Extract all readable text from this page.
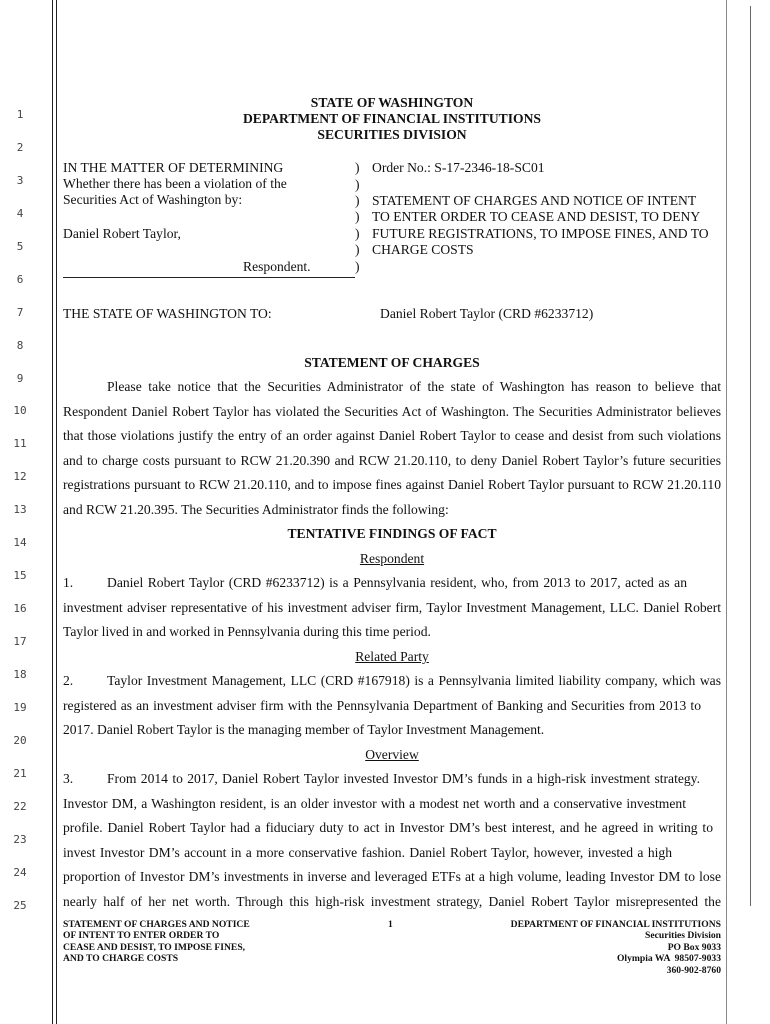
1
2
3
4
5
6
7
8
9
10
11
12
13
14
15
16
17
18
19
20
21
22
23
24
25
STATE OF WASHINGTON
DEPARTMENT OF FINANCIAL INSTITUTIONS
SECURITIES DIVISION
IN THE MATTER OF DETERMINING
Whether there has been a violation of the
Securities Act of Washington by:
Daniel Robert Taylor,
Respondent.
)
)
)
)
)
)
)
Order No.: S-17-2346-18-SC01
STATEMENT OF CHARGES AND NOTICE OF INTENT
TO ENTER ORDER TO CEASE AND DESIST, TO DENY
FUTURE REGISTRATIONS, TO IMPOSE FINES, AND TO
CHARGE COSTS
THE STATE OF WASHINGTON TO:	Daniel Robert Taylor (CRD #6233712)
STATEMENT OF CHARGES
Please take notice that the Securities Administrator of the state of Washington has reason to believe that
Respondent Daniel Robert Taylor has violated the Securities Act of Washington. The Securities Administrator believes
that those violations justify the entry of an order against Daniel Robert Taylor to cease and desist from such violations
and to charge costs pursuant to RCW 21.20.390 and RCW 21.20.110, to deny Daniel Robert Taylor’s future securities
registrations pursuant to RCW 21.20.110, and to impose fines against Daniel Robert Taylor pursuant to RCW 21.20.110
and RCW 21.20.395. The Securities Administrator finds the following:
TENTATIVE FINDINGS OF FACT
Respondent
1. Daniel Robert Taylor (CRD #6233712) is a Pennsylvania resident, who, from 2013 to 2017, acted as an
investment adviser representative of his investment adviser firm, Taylor Investment Management, LLC. Daniel Robert
Taylor lived in and worked in Pennsylvania during this time period.
Related Party
2. Taylor Investment Management, LLC (CRD #167918) is a Pennsylvania limited liability company, which was
registered as an investment adviser firm with the Pennsylvania Department of Banking and Securities from 2013 to
2017. Daniel Robert Taylor is the managing member of Taylor Investment Management.
Overview
3. From 2014 to 2017, Daniel Robert Taylor invested Investor DM’s funds in a high-risk investment strategy.
Investor DM, a Washington resident, is an older investor with a modest net worth and a conservative investment
profile. Daniel Robert Taylor had a fiduciary duty to act in Investor DM’s best interest, and he agreed in writing to
invest Investor DM’s account in a more conservative fashion. Daniel Robert Taylor, however, invested a high
proportion of Investor DM’s investments in inverse and leveraged ETFs at a high volume, leading Investor DM to lose
nearly half of her net worth. Through this high-risk investment strategy, Daniel Robert Taylor misrepresented the
STATEMENT OF CHARGES AND NOTICE
OF INTENT TO ENTER ORDER TO
CEASE AND DESIST, TO IMPOSE FINES,
AND TO CHARGE COSTS
1	DEPARTMENT OF FINANCIAL INSTITUTIONS
Securities Division
PO Box 9033
Olympia WA  98507-9033
360-902-8760
